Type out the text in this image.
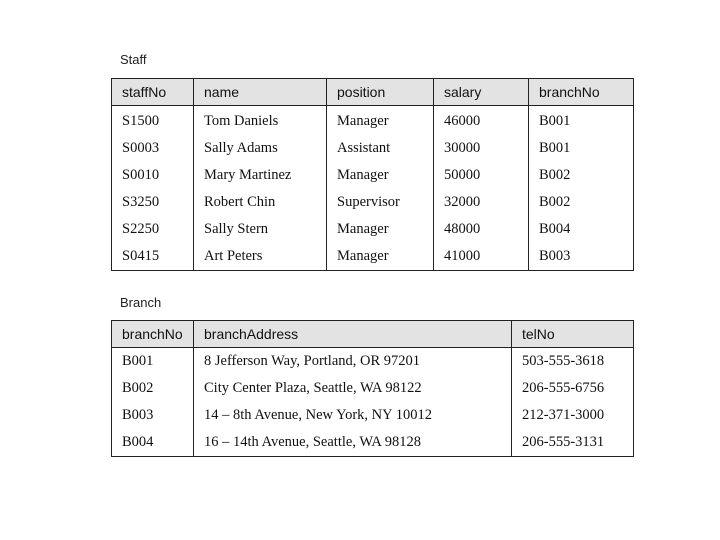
Staff
staffNo	name	position	salary	branchNo
S1500	Tom Daniels	Manager	46000	B001
S0003	Sally Adams	Assistant	30000	B001
S0010	Mary Martinez	Manager	50000	B002
S3250	Robert Chin	Supervisor	32000	B002
S2250	Sally Stern	Manager	48000	B004
S0415	Art Peters	Manager	41000	B003
Branch
branchNo	branchAddress	telNo
B001	8 Jefferson Way, Portland, OR 97201	503-555-3618
B002	City Center Plaza, Seattle, WA 98122	206-555-6756
B003	14 – 8th Avenue, New York, NY 10012	212-371-3000
B004	16 – 14th Avenue, Seattle, WA 98128	206-555-3131
